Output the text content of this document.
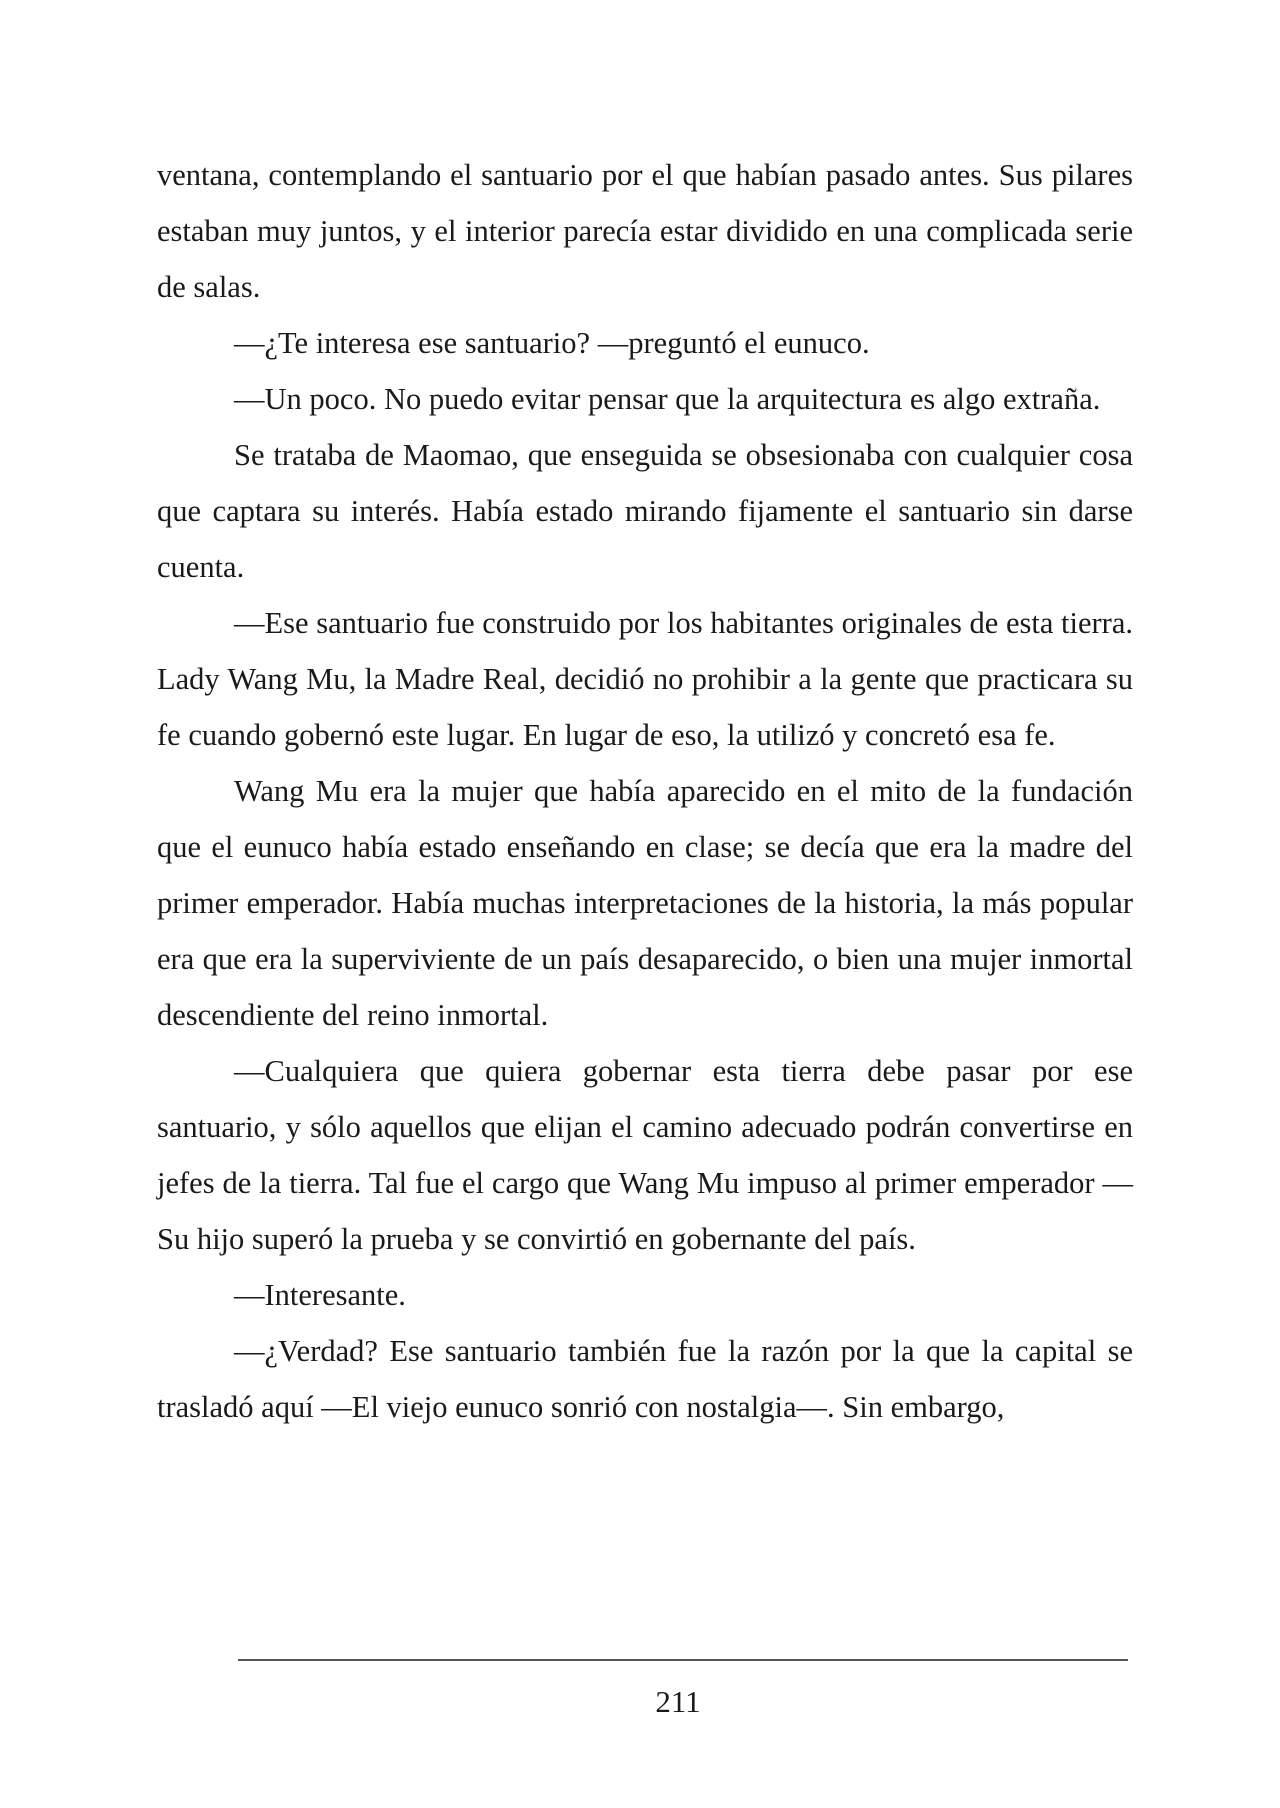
ventana, contemplando el santuario por el que habían pasado antes. Sus pilares estaban muy juntos, y el interior parecía estar dividido en una complicada serie de salas.

—¿Te interesa ese santuario? —preguntó el eunuco.

—Un poco. No puedo evitar pensar que la arquitectura es algo extraña.

Se trataba de Maomao, que enseguida se obsesionaba con cualquier cosa que captara su interés. Había estado mirando fijamente el santuario sin darse cuenta.

—Ese santuario fue construido por los habitantes originales de esta tierra. Lady Wang Mu, la Madre Real, decidió no prohibir a la gente que practicara su fe cuando gobernó este lugar. En lugar de eso, la utilizó y concretó esa fe.

Wang Mu era la mujer que había aparecido en el mito de la fundación que el eunuco había estado enseñando en clase; se decía que era la madre del primer emperador. Había muchas interpretaciones de la historia, la más popular era que era la superviviente de un país desaparecido, o bien una mujer inmortal descendiente del reino inmortal.

—Cualquiera que quiera gobernar esta tierra debe pasar por ese santuario, y sólo aquellos que elijan el camino adecuado podrán convertirse en jefes de la tierra. Tal fue el cargo que Wang Mu impuso al primer emperador —Su hijo superó la prueba y se convirtió en gobernante del país.

—Interesante.

—¿Verdad? Ese santuario también fue la razón por la que la capital se trasladó aquí —El viejo eunuco sonrió con nostalgia—. Sin embargo,

211
